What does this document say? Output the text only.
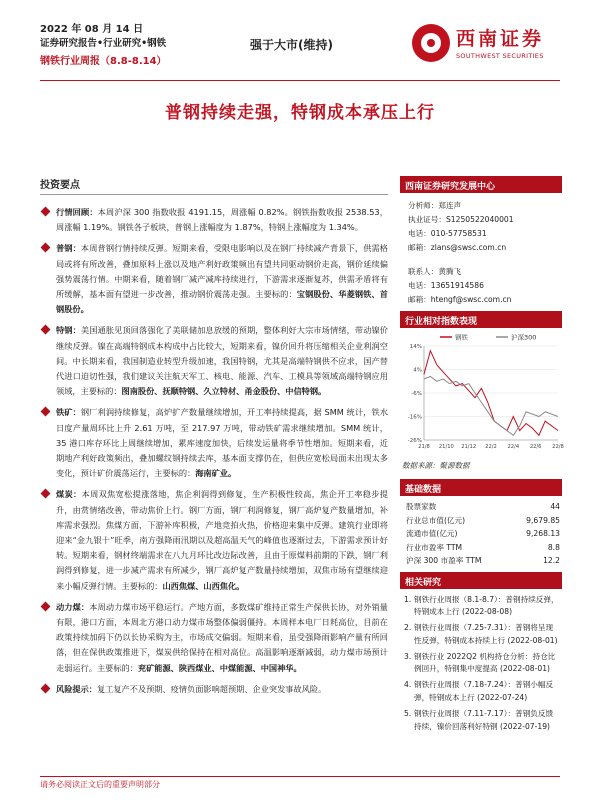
2022 年 08 月 14 日
证券研究报告•行业研究•钢铁
钢铁行业周报（8.8-8.14）
强于大市(维持)	西南证券
SOUTHWEST SECURITIES
普钢持续走强，特钢成本承压上行
投资要点
行情回顾：本周沪深 300 指数收报 4191.15，周涨幅 0.82%。钢铁指数收报 2538.53，周涨幅 1.19%。钢铁各子板块，普钢上涨幅度为 1.87%，特钢上涨幅度为 1.34%。
普钢：本周普钢行情持续反弹。短期来看，受限电影响以及在钢厂持续减产背景下，供需格局或将有所改善，叠加原料上涨以及地产利好政策频出有望共同驱动钢价走高，钢价延续偏强势震荡行情。中期来看，随着钢厂减产减库持续进行，下游需求逐渐复苏，供需矛盾将有所缓解，基本面有望进一步改善，推动钢价震荡走强。主要标的：宝钢股份、华菱钢铁、首钢股份。
特钢：美国通胀见顶回落强化了美联储加息放缓的预期，整体利好大宗市场情绪，带动镍价继续反弹。镍在高端特钢成本构成中占比较大，短期来看，镍价回升将压缩相关企业利润空间。中长期来看，我国制造业转型升级加速，我国特钢，尤其是高端特钢供不应求，国产替代进口迫切性强，我们建议关注航天军工、核电、能源、汽车、工模具等领域高端特钢应用领域，主要标的：图南股份、抚顺特钢、久立特材、甬金股份、中信特钢。
铁矿：钢厂利润持续修复，高炉扩产数量继续增加，开工率持续提高，据 SMM 统计，铁水日度产量周环比上升 2.61 万吨，至 217.97 万吨，带动铁矿需求继续增加。SMM 统计，35 港口库存环比上周继续增加，累库速度加快，后续发运量将季节性增加。短期来看，近期地产利好政策频出，叠加螺纹钢持续去库，基本面支撑仍在，但供应宽松局面未出现太多变化，预计矿价震荡运行，主要标的：海南矿业。
煤炭：本周双焦宽松提涨落地，焦企利润得到修复，生产积极性较高，焦企开工率稳步提升，由赏情绪改善，带动焦价上行。钢厂方面，钢厂利润修复，钢厂高炉复产数量增加，补库需求强烈。焦煤方面，下游补库积极，产地竞拍火热，价格迎来集中反弹。建筑行业即将迎来“金九银十”旺季，南方强降雨汛期以及超高温天气的峰值也逐渐过去，下游需求预计好转。短期来看，钢材终端需求在八九月环比改边际改善，且由于原煤料前期的下跌，钢厂利润得到修复，进一步减产需求有所减少，钢厂高炉复产数量持续增加，双焦市场有望继续迎来小幅反弹行情。主要标的：山西焦煤、山西焦化。
动力煤：本周动力煤市场平稳运行。产地方面，多数煤矿维持正常生产保供长协，对外销量有限，港口方面，本周北方港口动力煤市场整体偏弱僵持。本周样本电厂日耗高位，目前在政策持续加码下仍以长协采购为主，市场成交偏弱。短期来看，虽受强降雨影响产量有所回落，但在保供政策推进下，煤炭供给保持在相对高位。高温影响逐渐减弱，动力煤市场预计走弱运行。主要标的：兖矿能源、陕西煤业、中煤能源、中国神华。
风险提示：复工复产不及预期、疫情负面影响超预期、企业突发事故风险。
西南证券研究发展中心
分析师：郑连声
执业证号：S1250522040001
电话：010-57758531
邮箱：zlans@swsc.com.cn
联系人：黄腾飞
电话：13651914586
邮箱：htengf@swsc.com.cn
行业相对指数表现
钢铁	沪深300
14%
4%
-6%
-16%
-26%
21/8 21/10 21/12 22/2 22/4 22/6 22/8
数据来源：聚源数据
基础数据
股票家数	44
行业总市值(亿元)	9,679.85
流通市值(亿元)	9,268.13
行业市盈率 TTM	8.8
沪深 300 市盈率 TTM	12.2
相关研究
1. 钢铁行业周报（8.1-8.7）：普钢持续反弹，特钢成本上行 (2022-08-08)
2. 钢铁行业周报（7.25-7.31）：普钢将呈现性反弹，特钢成本持续上行 (2022-08-01)
3. 钢铁行业 2022Q2 机构持仓分析：持仓比例回升，特钢集中度提高 (2022-08-01)
4. 钢铁行业周报（7.18-7.24）：普钢小幅反弹，特钢成本上行 (2022-07-24)
5. 钢铁行业周报（7.11-7.17）：普钢负反馈持续，镍价回落利好特钢 (2022-07-19)
请务必阅读正文后的重要声明部分
